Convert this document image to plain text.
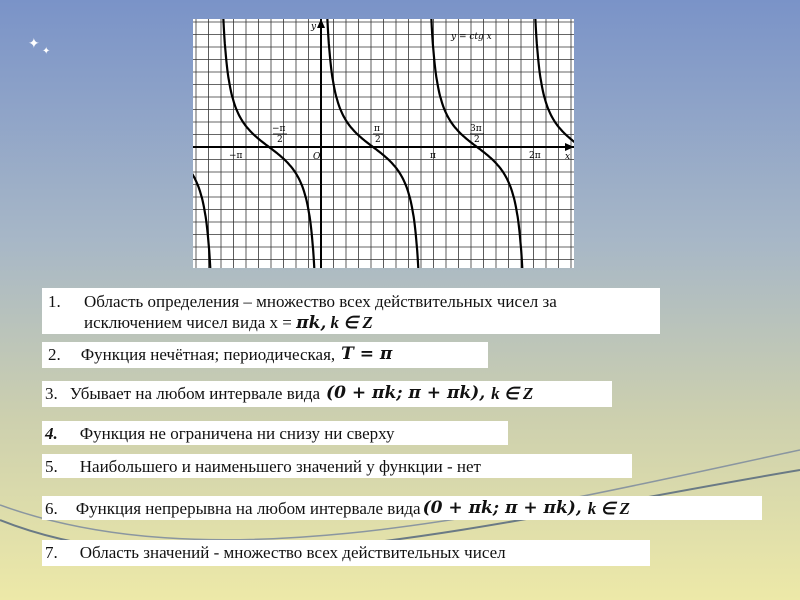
✦ ✦
y
x
O
y = ctg x
−π	π	2π
−π
2
π
2
3π
2
1. Область определения – множество всех действительных чисел за
исключением чисел вида х = πk, k ∈ Z
2. Функция нечётная; периодическая, T = π
3. Убывает на любом интервале вида (0 + πk; π + πk), k ∈ Z
4. Функция не ограничена ни снизу ни сверху
5. Наибольшего и наименьшего значений у функции - нет
6. Функция непрерывна на любом интервале вида (0 + πk; π + πk), k ∈ Z
7. Область значений - множество всех действительных чисел
